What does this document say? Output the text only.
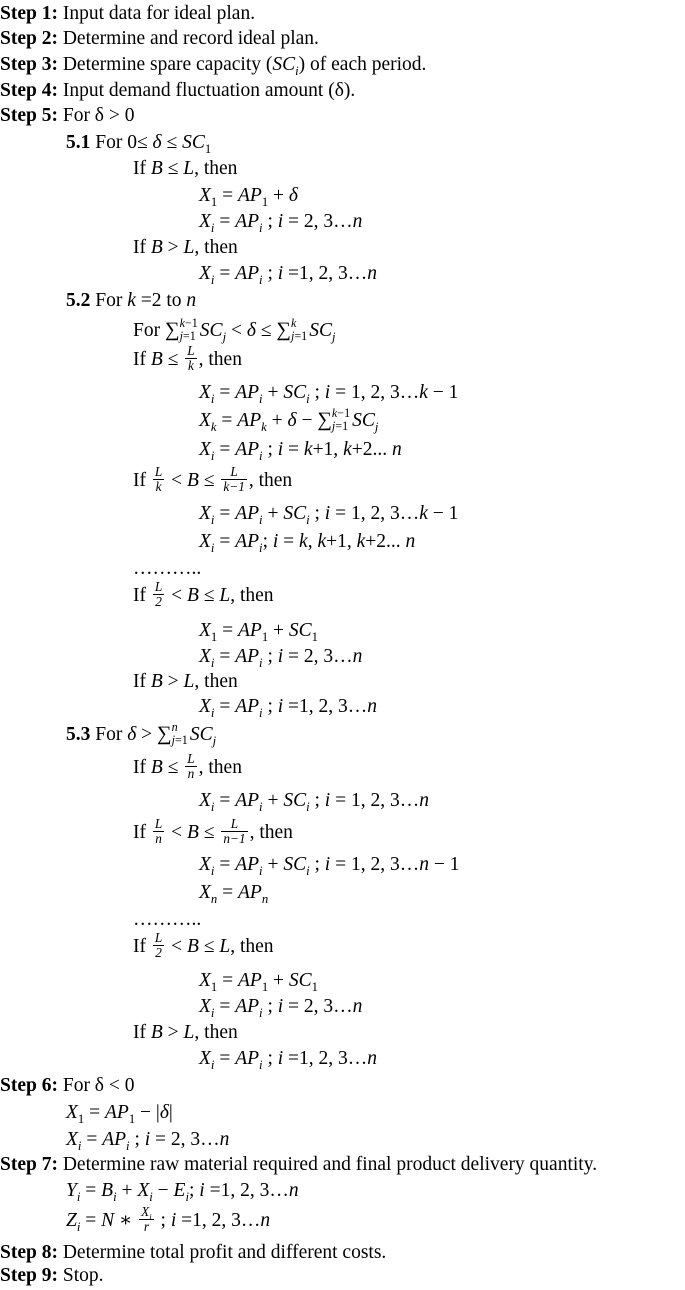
Step 1: Input data for ideal plan.
Step 2: Determine and record ideal plan.
Step 3: Determine spare capacity $(SC_i)$ of each period.
Step 4: Input demand fluctuation amount (δ).
Step 5: For δ > 0
5.1 For $0\le \delta \le SC_1$
If B ≤ L, then
$X_1 = AP_1 + \delta$
$X_i = AP_i$ ; i = 2, 3…n
If B > L, then
$X_i = AP_i$ ; i =1, 2, 3…n
5.2 For k =2 to n
For ∑ k−1
j=1 $SC_j < \delta$ ≤ ∑ k
j=1 $SC_j$
If $B \le \frac{L}{k}$ , then
$X_i = AP_i + SC_i$ ; i = 1, 2, 3…k − 1
$X_k = AP_k + \delta$ − ∑ k−1
j=1 $SC_j$
$X_i = AP_i$ ; i = k+1, k+2... n
If $\frac{L}{k} < B \le \frac{L}{k-1}$ , then
$X_i = AP_i + SC_i$ ; i = 1, 2, 3…k − 1
$X_i = AP_i$; i = k, k+1, k+2... n
………..
If $\frac{L}{2} < B \le L$, then
$X_1 = AP_1 + SC_1$
$X_i = AP_i$ ; i = 2, 3…n
If B > L, then
$X_i = AP_i$ ; i =1, 2, 3…n
5.3 For δ > ∑ n
j=1 $SC_j$
If $B \le \frac{L}{n}$ , then
$X_i = AP_i + SC_i$ ; i = 1, 2, 3…n
If $\frac{L}{n} < B \le \frac{L}{n-1}$ , then
$X_i = AP_i + SC_i$ ; i = 1, 2, 3…n − 1
$X_n = AP_n$
………..
If $\frac{L}{2} < B \le L$, then
$X_1 = AP_1 + SC_1$
$X_i = AP_i$ ; i = 2, 3…n
If B > L, then
$X_i = AP_i$ ; i =1, 2, 3…n
Step 6: For δ < 0
$X_1 = AP_1 - |\delta|$
$X_i = AP_i$ ; i = 2, 3…n
Step 7: Determine raw material required and final product delivery quantity.
$Y_i = B_i + X_i - E_i$; i =1, 2, 3…n
$Z_i = N$ ∗ $\frac{X_i}{r}$ ; i =1, 2, 3…n
Step 8: Determine total profit and different costs.
Step 9: Stop.
